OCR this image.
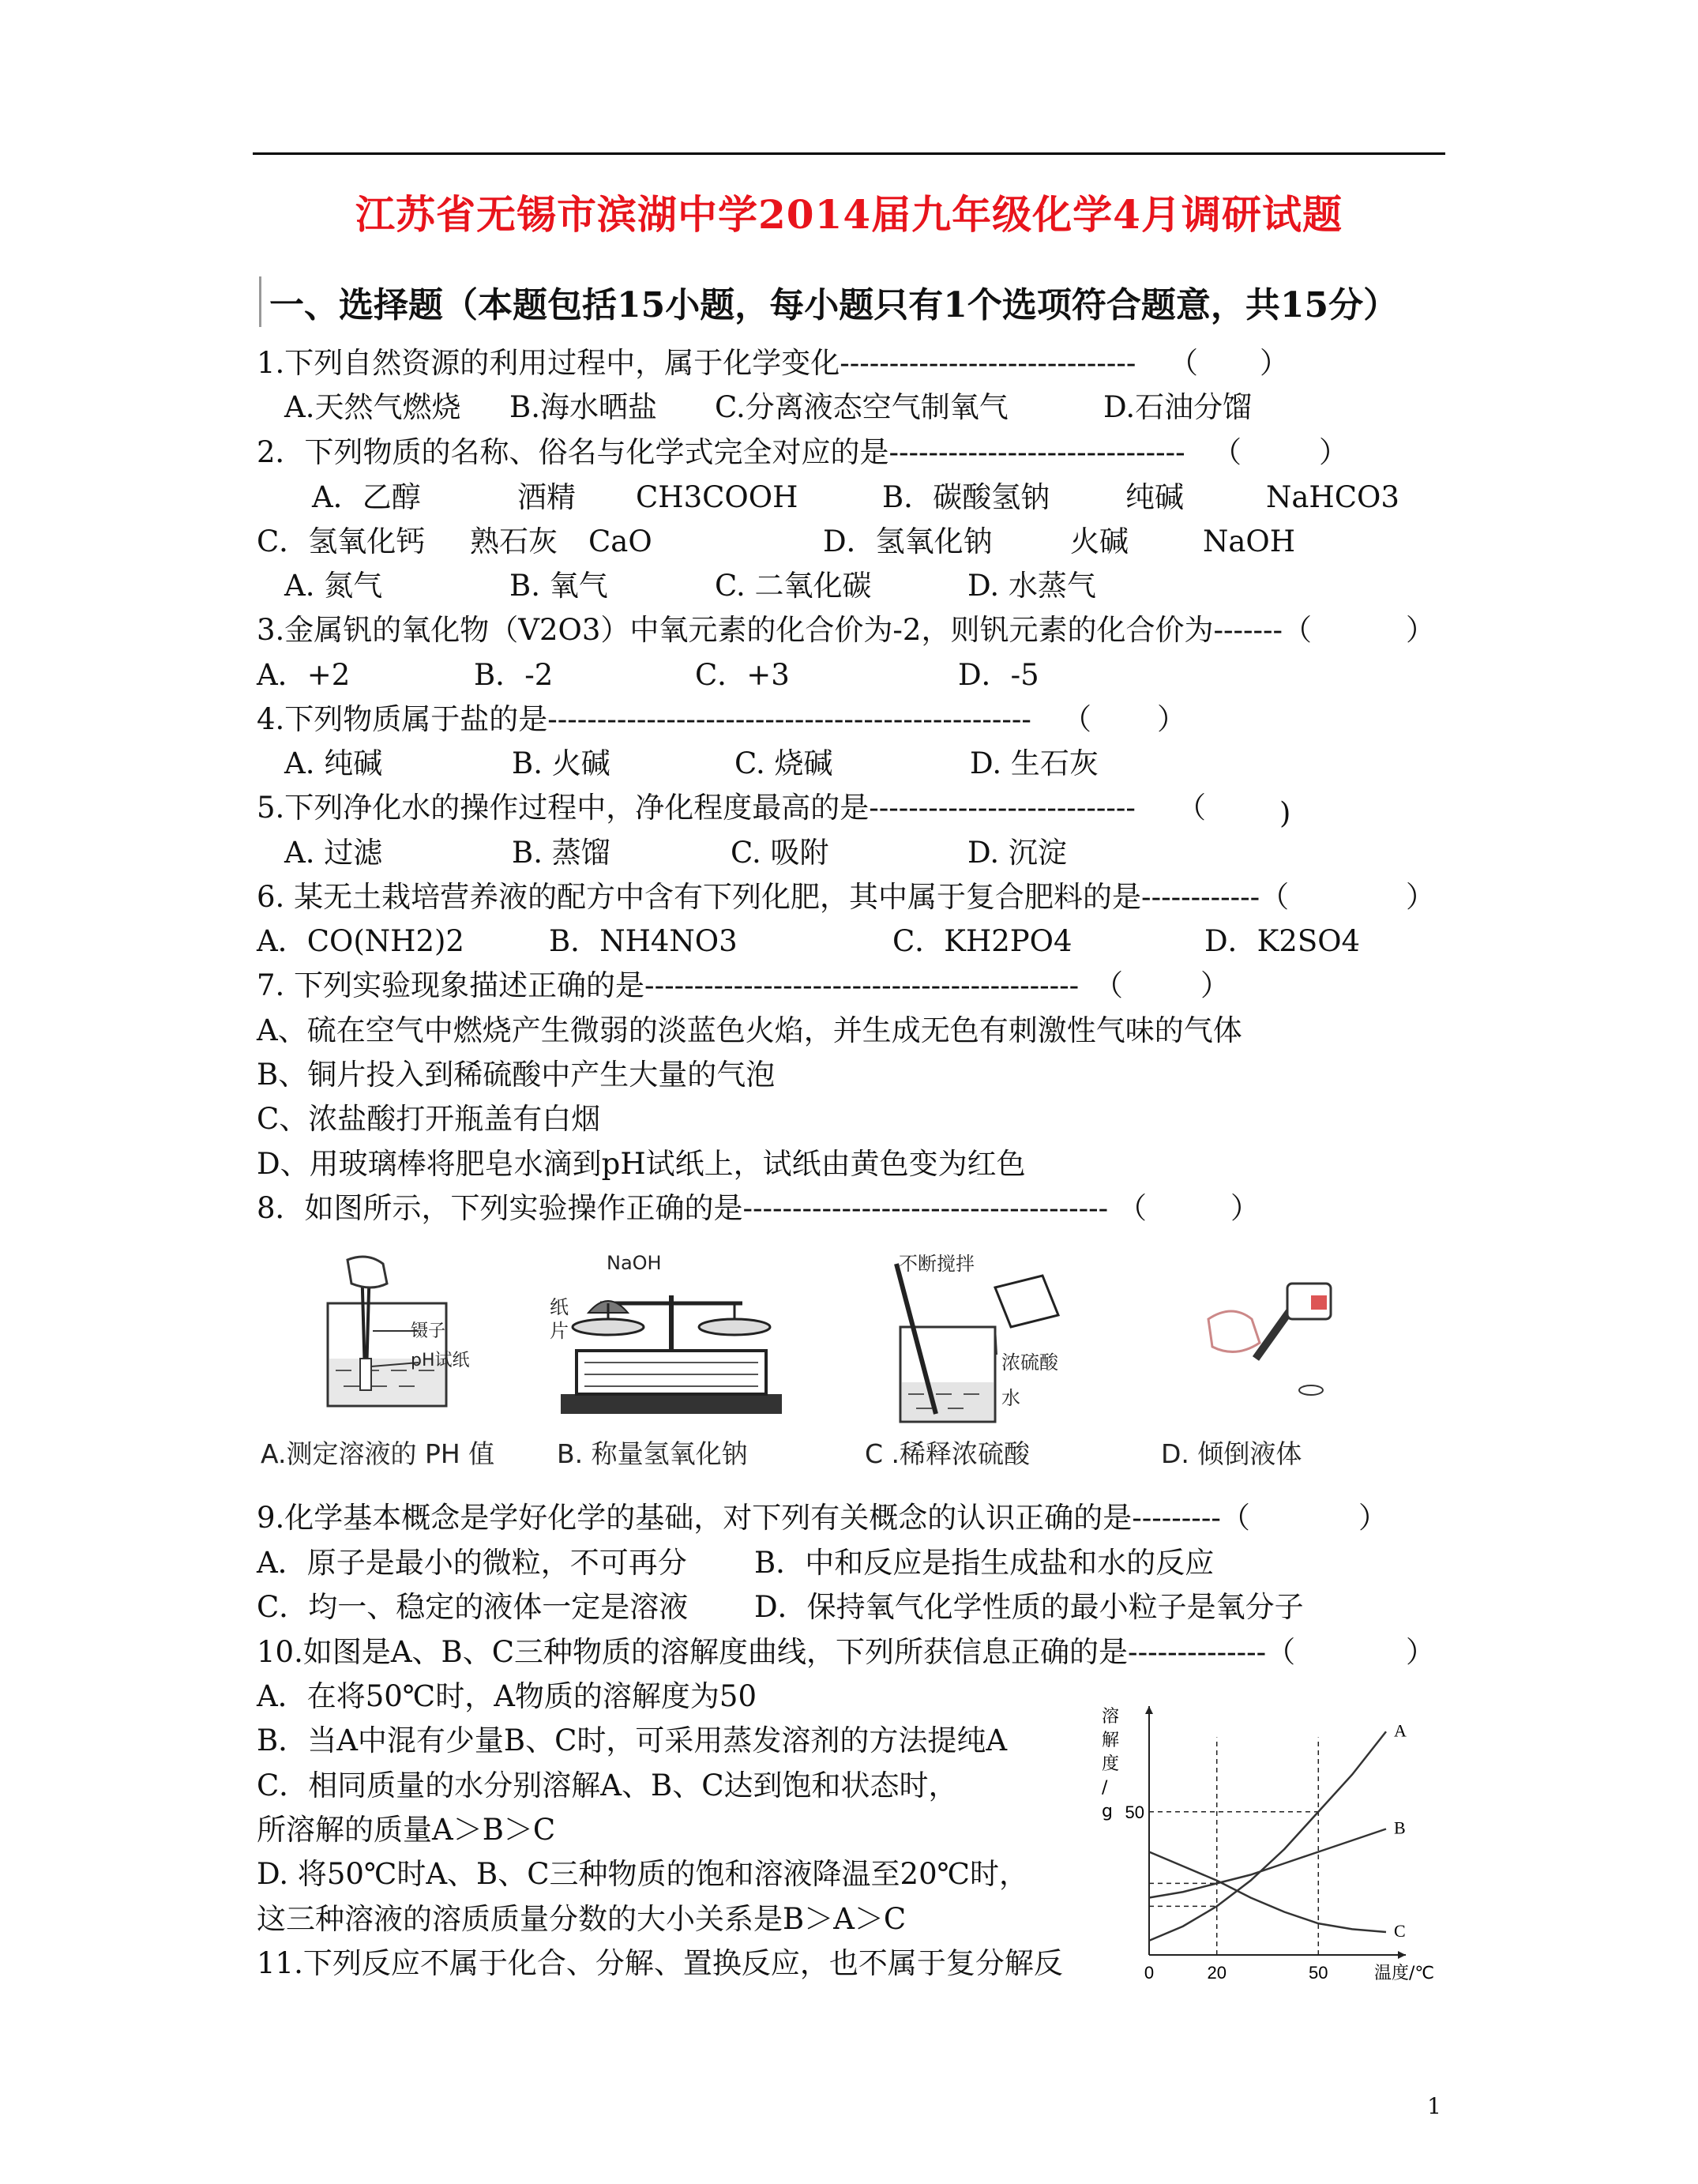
江苏省无锡市滨湖中学2014届九年级化学4月调研试题
一、选择题（本题包括15小题，每小题只有1个选项符合题意，共15分）
1.下列自然资源的利用过程中，属于化学变化------------------------------ （ ）
A.天然气燃烧 B.海水晒盐 C.分离液态空气制氧气	D.石油分馏
2．下列物质的名称、俗名与化学式完全对应的是------------------------------ （	）
A．乙醇	酒精 CH3COOH	B．碳酸氢钠	纯碱	NaHCO3
C．氢氧化钙 熟石灰 CaO	D．氢氧化钠	火碱	NaOH
A. 氮气	B. 氧气	C. 二氧化碳	D. 水蒸气
3.金属钒的氧化物（V2O3）中氧元素的化合价为-2，则钒元素的化合价为-------（	）
A．+2	B．-2	C．+3	D．-5
4.下列物质属于盐的是------------------------------------------------- （ ）
A. 纯碱	B. 火碱	C. 烧碱	D. 生石灰
5.下列净化水的操作过程中，净化程度最高的是--------------------------- （	)
A. 过滤	B. 蒸馏	C. 吸附	D. 沉淀
6. 某无土栽培营养液的配方中含有下列化肥，其中属于复合肥料的是------------（	）
A．CO(NH2)2	B．NH4NO3	C．KH2PO4	D．K2SO4
7. 下列实验现象描述正确的是-------------------------------------------- （	）
A、硫在空气中燃烧产生微弱的淡蓝色火焰，并生成无色有刺激性气味的气体
B、铜片投入到稀硫酸中产生大量的气泡
C、浓盐酸打开瓶盖有白烟
D、用玻璃棒将肥皂水滴到pH试纸上，试纸由黄色变为红色
8．如图所示，下列实验操作正确的是------------------------------------- （	）
镊子
pH试纸
NaOH
纸片
不断搅拌
浓硫酸
水
A.测定溶液的 PH 值 B. 称量氢氧化钠	C .稀释浓硫酸	D. 倾倒液体
9.化学基本概念是学好化学的基础，对下列有关概念的认识正确的是---------（	）
A．原子是最小的微粒，不可再分 B．中和反应是指生成盐和水的反应
C．均一、稳定的液体一定是溶液 D．保持氧气化学性质的最小粒子是氧分子
10.如图是A、B、C三种物质的溶解度曲线，下列所获信息正确的是--------------（	）
A．在将50℃时，A物质的溶解度为50
B．当A中混有少量B、C时，可采用蒸发溶剂的方法提纯A
C．相同质量的水分别溶解A、B、C达到饱和状态时，
所溶解的质量A＞B＞C
D. 将50℃时A、B、C三种物质的饱和溶液降温至20℃时，
这三种溶液的溶质质量分数的大小关系是B＞A＞C
0	20	50
50
A
B
C
溶解度/ g
温度/℃
11.下列反应不属于化合、分解、置换反应，也不属于复分解反
1
